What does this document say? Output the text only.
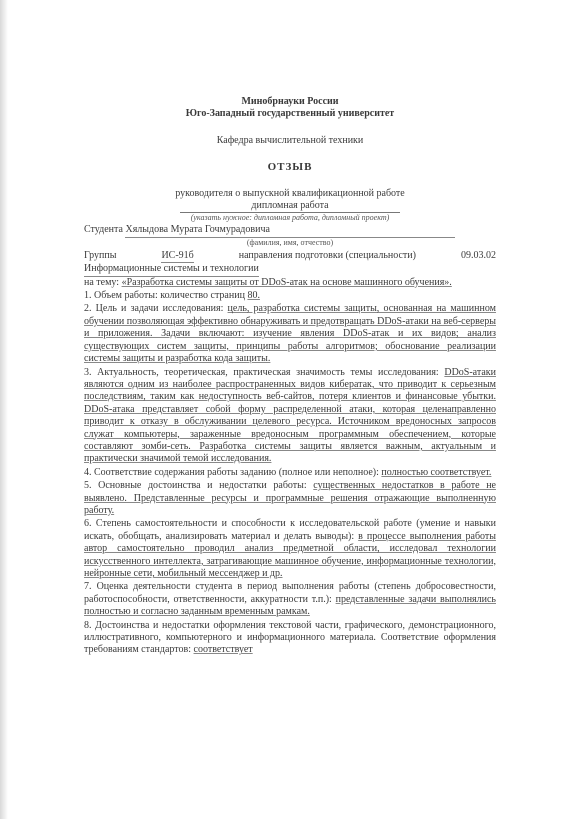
Минобрнауки России

Юго-Западный государственный университет

Кафедра вычислительной техники

ОТЗЫВ

руководителя о выпускной квалификационной работе

дипломная работа

(указать нужное: дипломная работа, дипломный проект)

Студента Хялыдова Мурата Гочмурадовича

(фамилия, имя, отчество)

Группы	ИС-91б	направления подготовки (специальности)	09.03.02

Информационные системы и технологии

на тему: «Разработка системы защиты от DDoS-атак на основе машинного обучения».

1. Объем работы: количество страниц 80.

2. Цель и задачи исследования: цель, разработка системы защиты, основанная на машинном обучении позволяющая эффективно обнаруживать и предотвращать DDoS-атаки на веб-серверы и приложения. Задачи включают: изучение явления DDoS-атак и их видов; анализ существующих систем защиты, принципы работы алгоритмов; обоснование реализации системы защиты и разработка кода защиты.

3. Актуальность, теоретическая, практическая значимость темы исследования: DDoS-атаки являются одним из наиболее распространенных видов кибератак, что приводит к серьезным последствиям, таким как недоступность веб-сайтов, потеря клиентов и финансовые убытки. DDoS-атака представляет собой форму распределенной атаки, которая целенаправленно приводит к отказу в обслуживании целевого ресурса. Источником вредоносных запросов служат компьютеры, зараженные вредоносным программным обеспечением, которые составляют зомби-сеть. Разработка системы защиты является важным, актуальным и практически значимой темой исследования.

4. Соответствие содержания работы заданию (полное или неполное): полностью соответствует.

5. Основные достоинства и недостатки работы: существенных недостатков в работе не выявлено. Представленные ресурсы и программные решения отражающие выполненную работу.

6. Степень самостоятельности и способности к исследовательской работе (умение и навыки искать, обобщать, анализировать материал и делать выводы): в процессе выполнения работы автор самостоятельно проводил анализ предметной области, исследовал технологии искусственного интеллекта, затрагивающие машинное обучение, информационные технологии, нейронные сети, мобильный мессенджер и др.

7. Оценка деятельности студента в период выполнения работы (степень добросовестности, работоспособности, ответственности, аккуратности т.п.): представленные задачи выполнялись полностью и согласно заданным временным рамкам.

8. Достоинства и недостатки оформления текстовой части, графического, демонстрационного, иллюстративного, компьютерного и информационного материала. Соответствие оформления требованиям стандартов: соответствует
